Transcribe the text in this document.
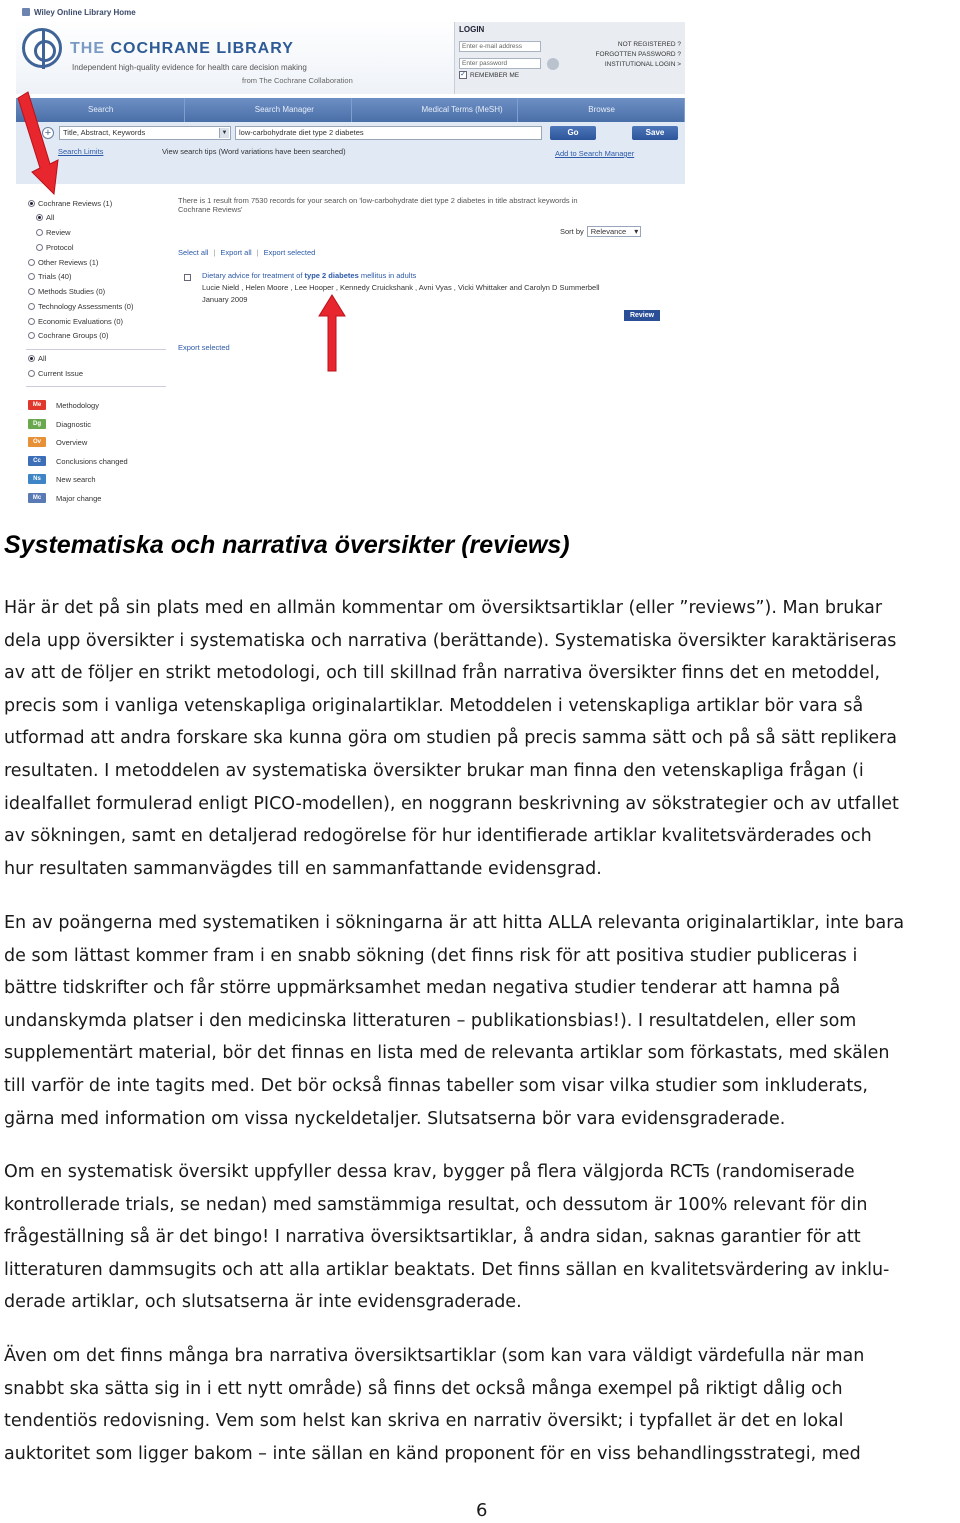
Wiley Online Library Home
THE COCHRANE LIBRARY
Independent high-quality evidence for health care decision making
from The Cochrane Collaboration
LOGIN
Enter e-mail address
Enter password
✓ REMEMBER ME
NOT REGISTERED ?
FORGOTTEN PASSWORD ?
INSTITUTIONAL LOGIN >
Search	Search Manager	Medical Terms (MeSH)	Browse
+	Title, Abstract, Keywords	▼	low-carbohydrate diet type 2 diabetes	Go	Save
Search Limits	View search tips (Word variations have been searched)	Add to Search Manager
Cochrane Reviews (1)
All
Review
Protocol
Other Reviews (1)
Trials (40)
Methods Studies (0)
Technology Assessments (0)
Economic Evaluations (0)
Cochrane Groups (0)
All
Current Issue
Me	Methodology
Dg	Diagnostic
Ov	Overview
Cc	Conclusions changed
Ns	New search
Mc	Major change
There is 1 result from 7530 records for your search on 'low-carbohydrate diet type 2 diabetes in title abstract keywords in
Cochrane Reviews'
Sort by Relevance ▾
Select all | Export all | Export selected
Dietary advice for treatment of type 2 diabetes mellitus in adults
Lucie Nield , Helen Moore , Lee Hooper , Kennedy Cruickshank , Avni Vyas , Vicki Whittaker and Carolyn D Summerbell
January 2009
Review
Export selected
Systematiska och narrativa översikter (reviews)
Här är det på sin plats med en allmän kommentar om översiktsartiklar (eller ”reviews”). Man brukar
dela upp översikter i systematiska och narrativa (berättande). Systematiska översikter karaktäriseras
av att de följer en strikt metodologi, och till skillnad från narrativa översikter finns det en metoddel,
precis som i vanliga vetenskapliga originalartiklar. Metoddelen i vetenskapliga artiklar bör vara så
utformad att andra forskare ska kunna göra om studien på precis samma sätt och på så sätt replikera
resultaten. I metoddelen av systematiska översikter brukar man finna den vetenskapliga frågan (i
idealfallet formulerad enligt PICO-modellen), en noggrann beskrivning av sökstrategier och av utfallet
av sökningen, samt en detaljerad redogörelse för hur identifierade artiklar kvalitetsvärderades och
hur resultaten sammanvägdes till en sammanfattande evidensgrad.
En av poängerna med systematiken i sökningarna är att hitta ALLA relevanta originalartiklar, inte bara
de som lättast kommer fram i en snabb sökning (det finns risk för att positiva studier publiceras i
bättre tidskrifter och får större uppmärksamhet medan negativa studier tenderar att hamna på
undanskymda platser i den medicinska litteraturen – publikationsbias!). I resultatdelen, eller som
supplementärt material, bör det finnas en lista med de relevanta artiklar som förkastats, med skälen
till varför de inte tagits med. Det bör också finnas tabeller som visar vilka studier som inkluderats,
gärna med information om vissa nyckeldetaljer. Slutsatserna bör vara evidensgraderade.
Om en systematisk översikt uppfyller dessa krav, bygger på flera välgjorda RCTs (randomiserade
kontrollerade trials, se nedan) med samstämmiga resultat, och dessutom är 100% relevant för din
frågeställning så är det bingo! I narrativa översiktsartiklar, å andra sidan, saknas garantier för att
litteraturen dammsugits och att alla artiklar beaktats. Det finns sällan en kvalitetsvärdering av inklu-
derade artiklar, och slutsatserna är inte evidensgraderade.
Även om det finns många bra narrativa översiktsartiklar (som kan vara väldigt värdefulla när man
snabbt ska sätta sig in i ett nytt område) så finns det också många exempel på riktigt dålig och
tendentiös redovisning. Vem som helst kan skriva en narrativ översikt; i typfallet är det en lokal
auktoritet som ligger bakom – inte sällan en känd proponent för en viss behandlingsstrategi, med
6
